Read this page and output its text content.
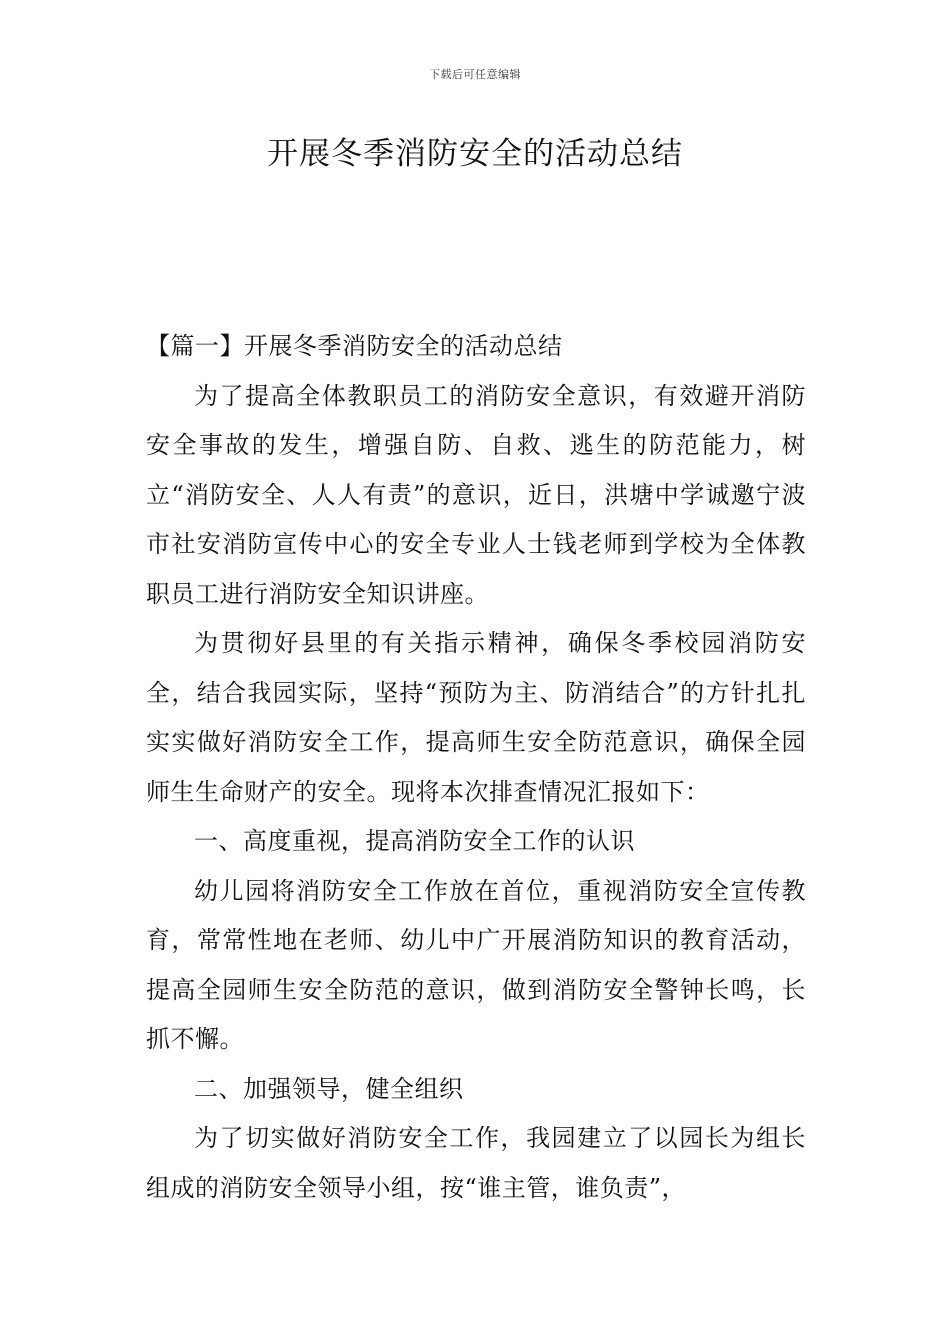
下载后可任意编辑
开展冬季消防安全的活动总结

【篇一】开展冬季消防安全的活动总结

为了提高全体教职员工的消防安全意识，有效避开消防安全事故的发生，增强自防、自救、逃生的防范能力，树立“消防安全、人人有责”的意识，近日，洪塘中学诚邀宁波市社安消防宣传中心的安全专业人士钱老师到学校为全体教职员工进行消防安全知识讲座。

为贯彻好县里的有关指示精神，确保冬季校园消防安全，结合我园实际，坚持“预防为主、防消结合”的方针扎扎实实做好消防安全工作，提高师生安全防范意识，确保全园师生生命财产的安全。现将本次排查情况汇报如下：

一、高度重视，提高消防安全工作的认识

幼儿园将消防安全工作放在首位，重视消防安全宣传教育，常常性地在老师、幼儿中广开展消防知识的教育活动，提高全园师生安全防范的意识，做到消防安全警钟长鸣，长抓不懈。

二、加强领导，健全组织

为了切实做好消防安全工作，我园建立了以园长为组长组成的消防安全领导小组，按“谁主管，谁负责”，
